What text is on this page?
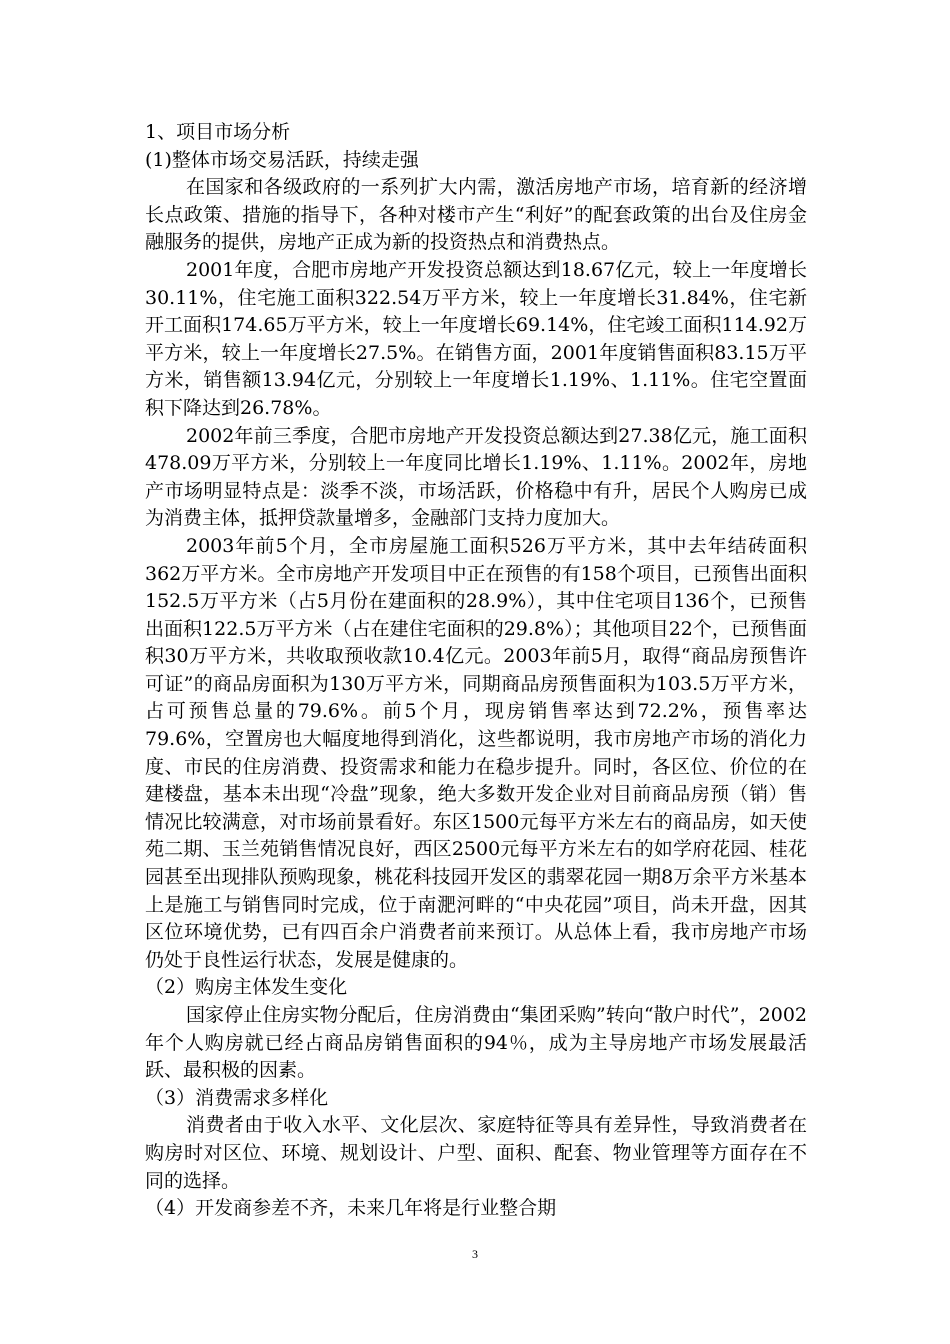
1、项目市场分析

(1)整体市场交易活跃，持续走强

在国家和各级政府的一系列扩大内需，激活房地产市场，培育新的经济增长点政策、措施的指导下，各种对楼市产生“利好”的配套政策的出台及住房金融服务的提供，房地产正成为新的投资热点和消费热点。

2001年度，合肥市房地产开发投资总额达到18.67亿元，较上一年度增长30.11%，住宅施工面积322.54万平方米，较上一年度增长31.84%，住宅新开工面积174.65万平方米，较上一年度增长69.14%，住宅竣工面积114.92万平方米，较上一年度增长27.5%。在销售方面，2001年度销售面积83.15万平方米，销售额13.94亿元，分别较上一年度增长1.19%、1.11%。住宅空置面积下降达到26.78%。

2002年前三季度，合肥市房地产开发投资总额达到27.38亿元，施工面积478.09万平方米，分别较上一年度同比增长1.19%、1.11%。2002年，房地产市场明显特点是：淡季不淡，市场活跃，价格稳中有升，居民个人购房已成为消费主体，抵押贷款量增多，金融部门支持力度加大。

2003年前5个月，全市房屋施工面积526万平方米，其中去年结砖面积362万平方米。全市房地产开发项目中正在预售的有158个项目，已预售出面积152.5万平方米（占5月份在建面积的28.9%），其中住宅项目136个，已预售出面积122.5万平方米（占在建住宅面积的29.8%）；其他项目22个，已预售面积30万平方米，共收取预收款10.4亿元。2003年前5月，取得“商品房预售许可证”的商品房面积为130万平方米，同期商品房预售面积为103.5万平方米，占可预售总量的79.6%。前5个月，现房销售率达到72.2%，预售率达79.6%，空置房也大幅度地得到消化，这些都说明，我市房地产市场的消化力度、市民的住房消费、投资需求和能力在稳步提升。同时，各区位、价位的在建楼盘，基本未出现“冷盘”现象，绝大多数开发企业对目前商品房预（销）售情况比较满意，对市场前景看好。东区1500元每平方米左右的商品房，如天使苑二期、玉兰苑销售情况良好，西区2500元每平方米左右的如学府花园、桂花园甚至出现排队预购现象，桃花科技园开发区的翡翠花园一期8万余平方米基本上是施工与销售同时完成，位于南淝河畔的“中央花园”项目，尚未开盘，因其区位环境优势，已有四百余户消费者前来预订。从总体上看，我市房地产市场仍处于良性运行状态，发展是健康的。

（2）购房主体发生变化

国家停止住房实物分配后，住房消费由“集团采购”转向“散户时代”，2002年个人购房就已经占商品房销售面积的94％，成为主导房地产市场发展最活跃、最积极的因素。

（3）消费需求多样化

消费者由于收入水平、文化层次、家庭特征等具有差异性，导致消费者在购房时对区位、环境、规划设计、户型、面积、配套、物业管理等方面存在不同的选择。

（4）开发商参差不齐，未来几年将是行业整合期

3
